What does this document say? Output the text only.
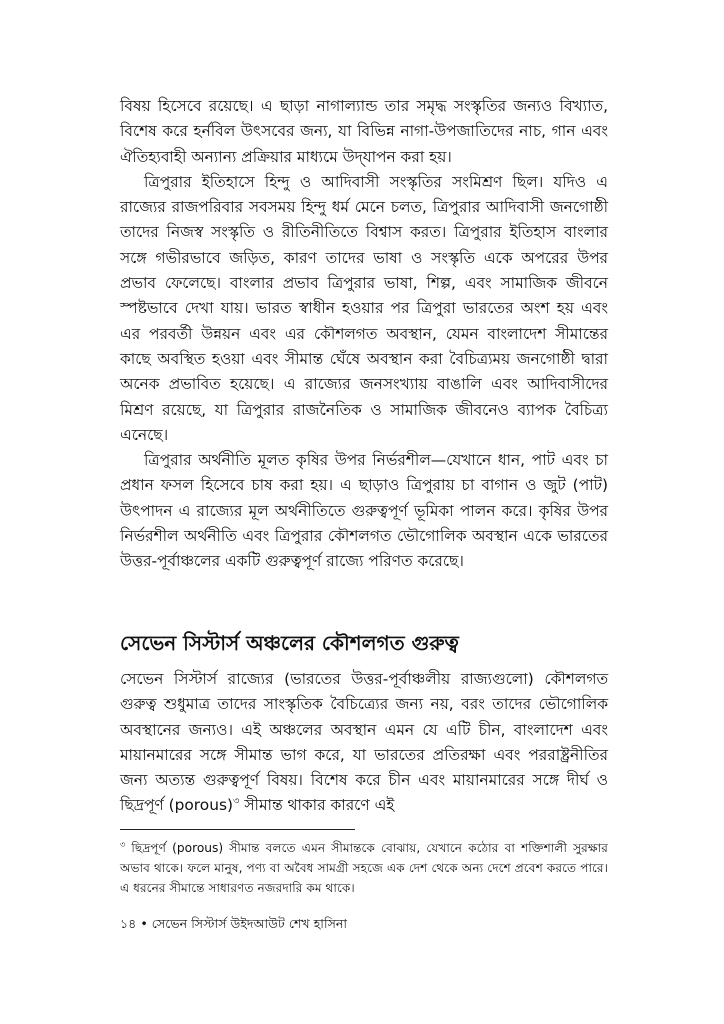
বিষয় হিসেবে রয়েছে। এ ছাড়া নাগাল্যান্ড তার সমৃদ্ধ সংস্কৃতির জন্যও বিখ্যাত, বিশেষ করে হর্নবিল উৎসবের জন্য, যা বিভিন্ন নাগা-উপজাতিদের নাচ, গান এবং ঐতিহ্যবাহী অন্যান্য প্রক্রিয়ার মাধ্যমে উদ্‌যাপন করা হয়।

ত্রিপুরার ইতিহাসে হিন্দু ও আদিবাসী সংস্কৃতির সংমিশ্রণ ছিল। যদিও এ রাজ্যের রাজপরিবার সবসময় হিন্দু ধর্ম মেনে চলত, ত্রিপুরার আদিবাসী জনগোষ্ঠী তাদের নিজস্ব সংস্কৃতি ও রীতিনীতিতে বিশ্বাস করত। ত্রিপুরার ইতিহাস বাংলার সঙ্গে গভীরভাবে জড়িত, কারণ তাদের ভাষা ও সংস্কৃতি একে অপরের উপর প্রভাব ফেলেছে। বাংলার প্রভাব ত্রিপুরার ভাষা, শিল্প, এবং সামাজিক জীবনে স্পষ্টভাবে দেখা যায়। ভারত স্বাধীন হওয়ার পর ত্রিপুরা ভারতের অংশ হয় এবং এর পরবর্তী উন্নয়ন এবং এর কৌশলগত অবস্থান, যেমন বাংলাদেশ সীমান্তের কাছে অবস্থিত হওয়া এবং সীমান্ত ঘেঁষে অবস্থান করা বৈচিত্র্যময় জনগোষ্ঠী দ্বারা অনেক প্রভাবিত হয়েছে। এ রাজ্যের জনসংখ্যায় বাঙালি এবং আদিবাসীদের মিশ্রণ রয়েছে, যা ত্রিপুরার রাজনৈতিক ও সামাজিক জীবনেও ব্যাপক বৈচিত্র্য এনেছে।

ত্রিপুরার অর্থনীতি মূলত কৃষির উপর নির্ভরশীল—যেখানে ধান, পাট এবং চা প্রধান ফসল হিসেবে চাষ করা হয়। এ ছাড়াও ত্রিপুরায় চা বাগান ও জুট (পাট) উৎপাদন এ রাজ্যের মূল অর্থনীতিতে গুরুত্বপূর্ণ ভূমিকা পালন করে। কৃষির উপর নির্ভরশীল অর্থনীতি এবং ত্রিপুরার কৌশলগত ভৌগোলিক অবস্থান একে ভারতের উত্তর-পূর্বাঞ্চলের একটি গুরুত্বপূর্ণ রাজ্যে পরিণত করেছে।

সেভেন সিস্টার্স অঞ্চলের কৌশলগত গুরুত্ব

সেভেন সিস্টার্স রাজ্যের (ভারতের উত্তর-পূর্বাঞ্চলীয় রাজ্যগুলো) কৌশলগত গুরুত্ব শুধুমাত্র তাদের সাংস্কৃতিক বৈচিত্র্যের জন্য নয়, বরং তাদের ভৌগোলিক অবস্থানের জন্যও। এই অঞ্চলের অবস্থান এমন যে এটি চীন, বাংলাদেশ এবং মায়ানমারের সঙ্গে সীমান্ত ভাগ করে, যা ভারতের প্রতিরক্ষা এবং পররাষ্ট্রনীতির জন্য অত্যন্ত গুরুত্বপূর্ণ বিষয়। বিশেষ করে চীন এবং মায়ানমারের সঙ্গে দীর্ঘ ও ছিদ্রপূর্ণ (porous)$^৩$ সীমান্ত থাকার কারণে এই

$^৩$ ছিদ্রপূর্ণ (porous) সীমান্ত বলতে এমন সীমান্তকে বোঝায়, যেখানে কঠোর বা শক্তিশালী সুরক্ষার অভাব থাকে। ফলে মানুষ, পণ্য বা অবৈধ সামগ্রী সহজে এক দেশ থেকে অন্য দেশে প্রবেশ করতে পারে। এ ধরনের সীমান্তে সাধারণত নজরদারি কম থাকে।

১৪ • সেভেন সিস্টার্স উইদআউট শেখ হাসিনা
